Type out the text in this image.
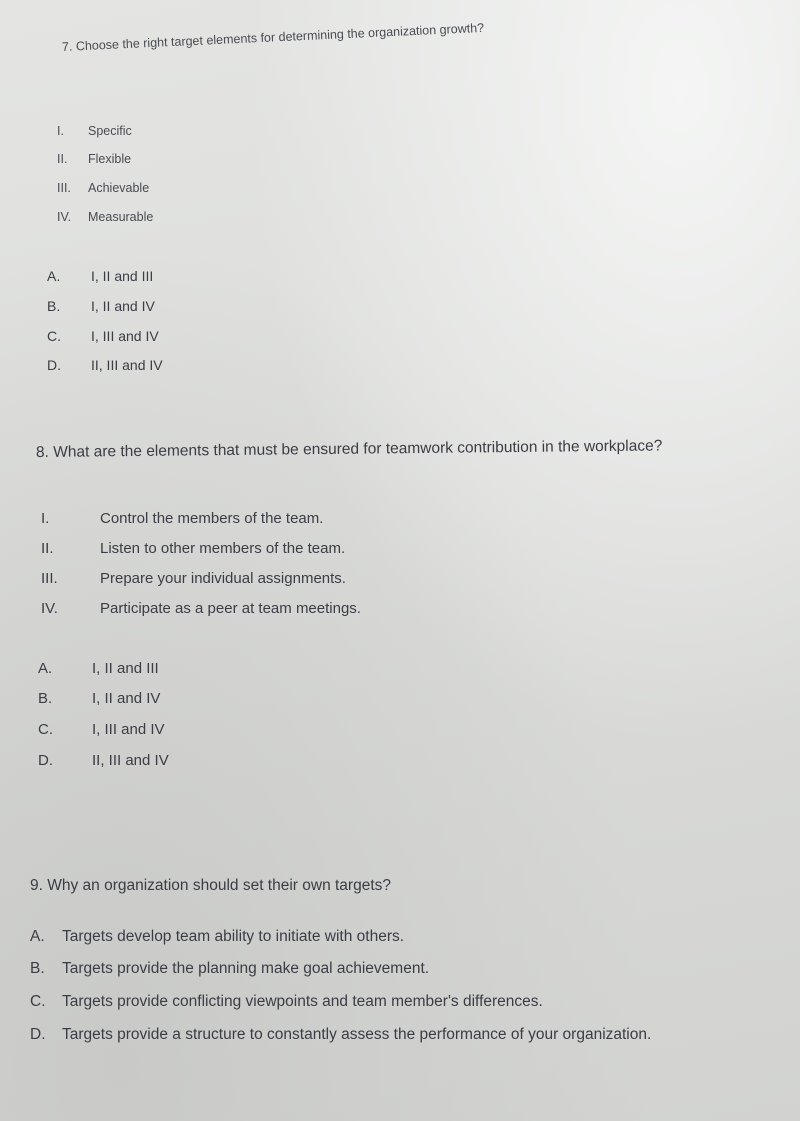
7. Choose the right target elements for determining the organization growth?
I. Specific
II. Flexible
III. Achievable
IV. Measurable
A. I, II and III
B. I, II and IV
C. I, III and IV
D. II, III and IV
8. What are the elements that must be ensured for teamwork contribution in the workplace?
I.	Control the members of the team.
II.	Listen to other members of the team.
III.	Prepare your individual assignments.
IV.	Participate as a peer at team meetings.
A.	I, II and III
B.	I, II and IV
C.	I, III and IV
D.	II, III and IV
9. Why an organization should set their own targets?
A. Targets develop team ability to initiate with others.
B. Targets provide the planning make goal achievement.
C. Targets provide conflicting viewpoints and team member's differences.
D. Targets provide a structure to constantly assess the performance of your organization.
